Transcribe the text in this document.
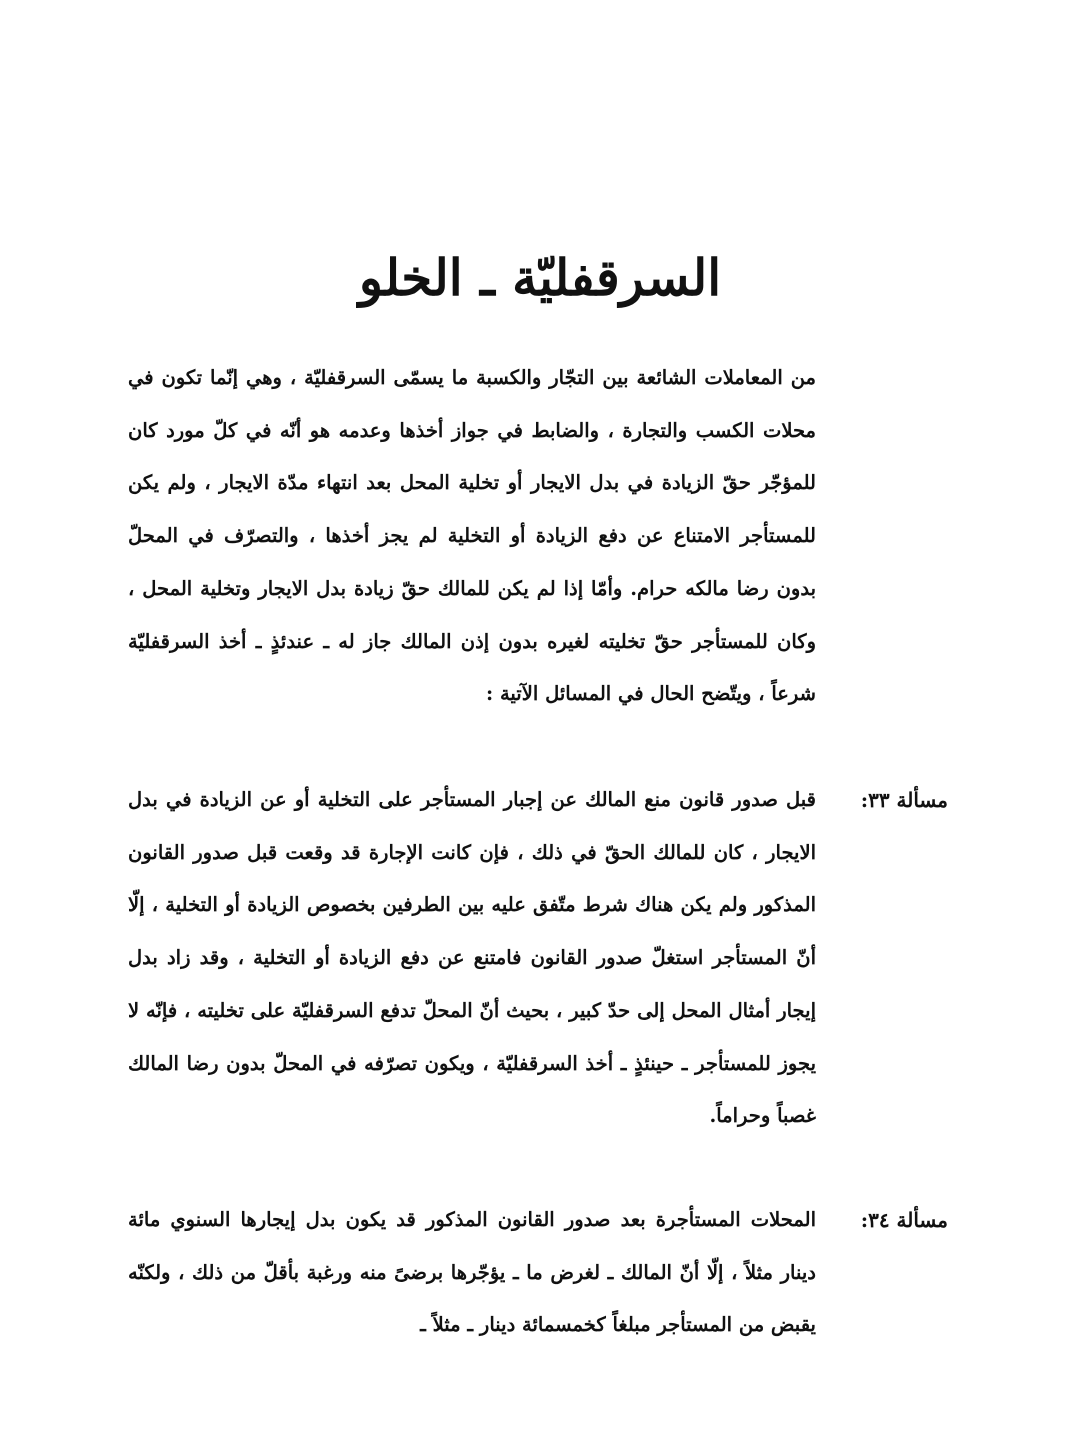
السرقفليّة ـ الخلو

من المعاملات الشائعة بين التجّار والكسبة ما يسمّى السرقفليّة ، وهي إنّما تكون في محلات الكسب والتجارة ، والضابط في جواز أخذها وعدمه هو أنّه في كلّ مورد كان للمؤجّر حقّ الزيادة في بدل الايجار أو تخلية المحل بعد انتهاء مدّة الايجار ، ولم يكن للمستأجر الامتناع عن دفع الزيادة أو التخلية لم يجز أخذها ، والتصرّف في المحلّ بدون رضا مالكه حرام. وأمّا إذا لم يكن للمالك حقّ زيادة بدل الايجار وتخلية المحل ، وكان للمستأجر حقّ تخليته لغيره بدون إذن المالك جاز له ـ عندئذٍ ـ أخذ السرقفليّة شرعاً ، ويتّضح الحال في المسائل الآتية :

مسألة ٣٣:

قبل صدور قانون منع المالك عن إجبار المستأجر على التخلية أو عن الزيادة في بدل الايجار ، كان للمالك الحقّ في ذلك ، فإن كانت الإجارة قد وقعت قبل صدور القانون المذكور ولم يكن هناك شرط متّفق عليه بين الطرفين بخصوص الزيادة أو التخلية ، إلّا أنّ المستأجر استغلّ صدور القانون فامتنع عن دفع الزيادة أو التخلية ، وقد زاد بدل إيجار أمثال المحل إلى حدّ كبير ، بحيث أنّ المحلّ تدفع السرقفليّة على تخليته ، فإنّه لا يجوز للمستأجر ـ حينئذٍ ـ أخذ السرقفليّة ، ويكون تصرّفه في المحلّ بدون رضا المالك غصباً وحراماً.

مسألة ٣٤:

المحلات المستأجرة بعد صدور القانون المذكور قد يكون بدل إيجارها السنوي مائة دينار مثلاً ، إلّا أنّ المالك ـ لغرض ما ـ يؤجّرها برضىً منه ورغبة بأقلّ من ذلك ، ولكنّه يقبض من المستأجر مبلغاً كخمسمائة دينار ـ مثلاً ـ
